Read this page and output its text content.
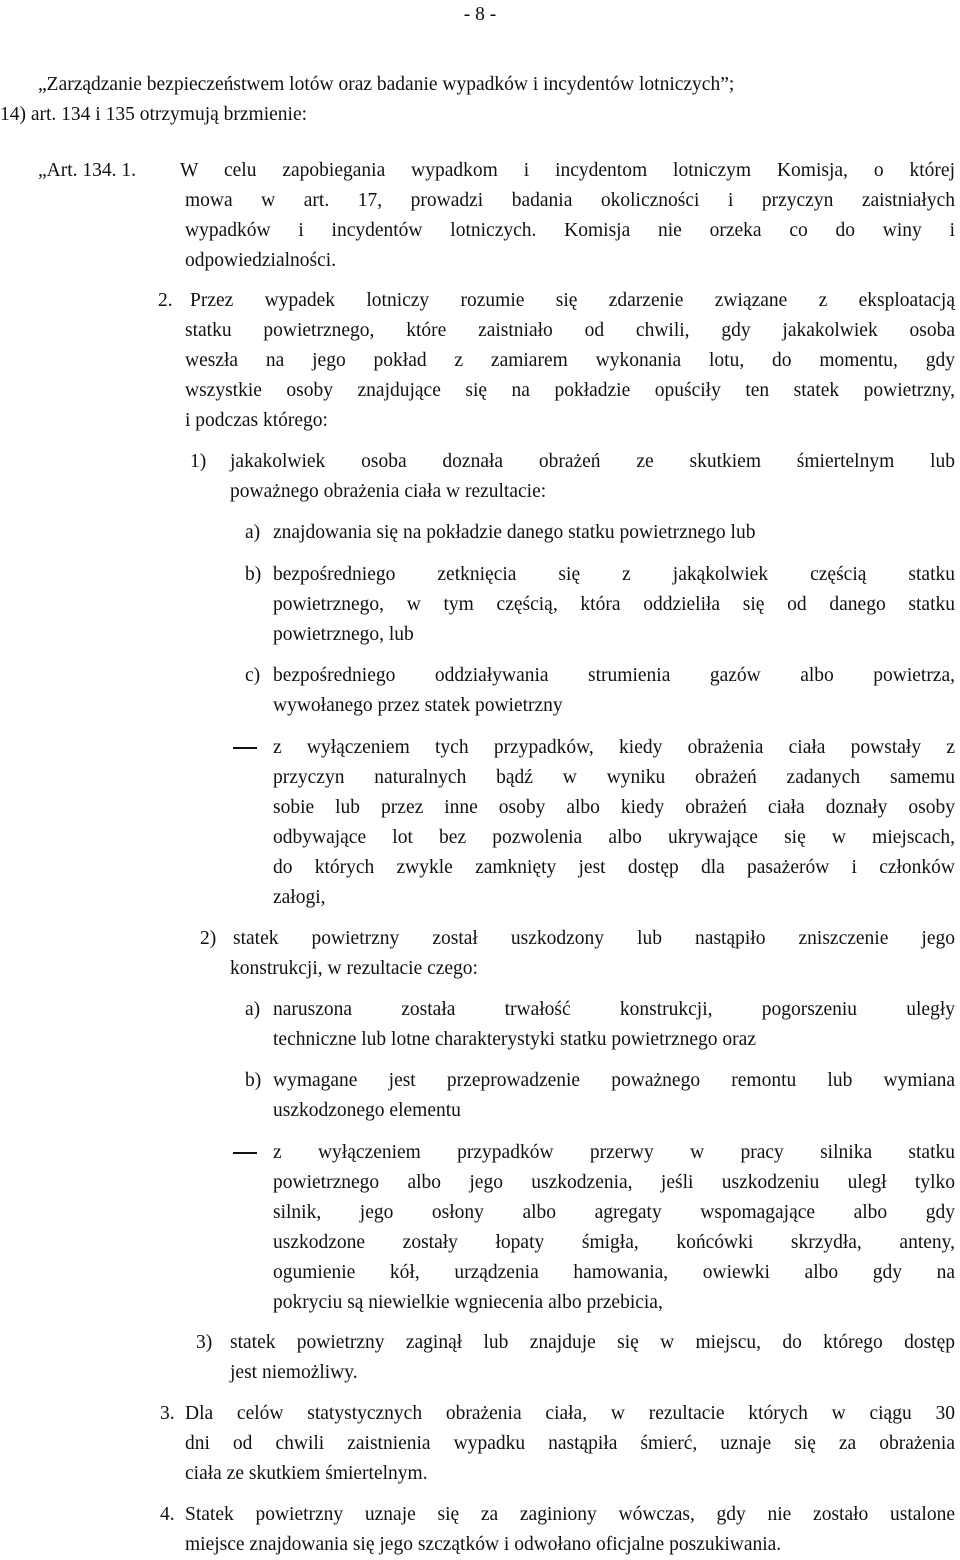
- 8 -
„Zarządzanie bezpieczeństwem lotów oraz badanie wypadków i incydentów lotniczych”;
14) art. 134 i 135 otrzymują brzmienie:
„Art. 134. 1. W celu zapobiegania wypadkom i incydentom lotniczym Komisja, o której
mowa w art. 17, prowadzi badania okoliczności i przyczyn zaistniałych
wypadków i incydentów lotniczych. Komisja nie orzeka co do winy i
odpowiedzialności.
2. Przez wypadek lotniczy rozumie się zdarzenie związane z eksploatacją
statku powietrznego, które zaistniało od chwili, gdy jakakolwiek osoba
weszła na jego pokład z zamiarem wykonania lotu, do momentu, gdy
wszystkie osoby znajdujące się na pokładzie opuściły ten statek powietrzny,
i podczas którego:
1) jakakolwiek osoba doznała obrażeń ze skutkiem śmiertelnym lub
poważnego obrażenia ciała w rezultacie:
a) znajdowania się na pokładzie danego statku powietrznego lub
b) bezpośredniego zetknięcia się z jakąkolwiek częścią statku
powietrznego, w tym częścią, która oddzieliła się od danego statku
powietrznego, lub
c) bezpośredniego oddziaływania strumienia gazów albo powietrza,
wywołanego przez statek powietrzny
z wyłączeniem tych przypadków, kiedy obrażenia ciała powstały z
przyczyn naturalnych bądź w wyniku obrażeń zadanych samemu
sobie lub przez inne osoby albo kiedy obrażeń ciała doznały osoby
odbywające lot bez pozwolenia albo ukrywające się w miejscach,
do których zwykle zamknięty jest dostęp dla pasażerów i członków
załogi,
2) statek powietrzny został uszkodzony lub nastąpiło zniszczenie jego
konstrukcji, w rezultacie czego:
a) naruszona została trwałość konstrukcji, pogorszeniu uległy
techniczne lub lotne charakterystyki statku powietrznego oraz
b) wymagane jest przeprowadzenie poważnego remontu lub wymiana
uszkodzonego elementu
z wyłączeniem przypadków przerwy w pracy silnika statku
powietrznego albo jego uszkodzenia, jeśli uszkodzeniu uległ tylko
silnik, jego osłony albo agregaty wspomagające albo gdy
uszkodzone zostały łopaty śmigła, końcówki skrzydła, anteny,
ogumienie kół, urządzenia hamowania, owiewki albo gdy na
pokryciu są niewielkie wgniecenia albo przebicia,
3) statek powietrzny zaginął lub znajduje się w miejscu, do którego dostęp
jest niemożliwy.
3. Dla celów statystycznych obrażenia ciała, w rezultacie których w ciągu 30
dni od chwili zaistnienia wypadku nastąpiła śmierć, uznaje się za obrażenia
ciała ze skutkiem śmiertelnym.
4. Statek powietrzny uznaje się za zaginiony wówczas, gdy nie zostało ustalone
miejsce znajdowania się jego szczątków i odwołano oficjalne poszukiwania.
